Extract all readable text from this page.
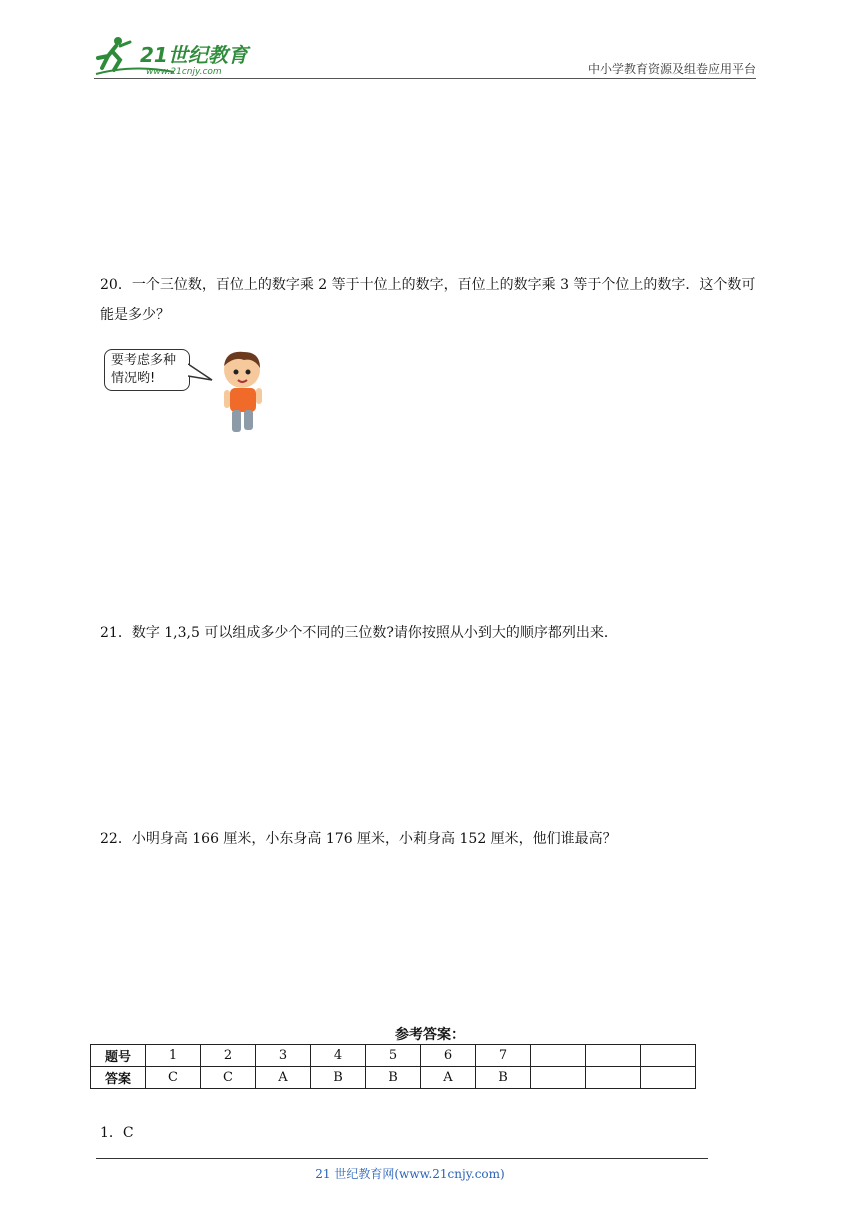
21世纪教育
www.21cnjy.com	中小学教育资源及组卷应用平台
20．一个三位数，百位上的数字乘 2 等于十位上的数字，百位上的数字乘 3 等于个位上的数字．这个数可能是多少？
要考虑多种
情况哟!
21．数字 1,3,5 可以组成多少个不同的三位数?请你按照从小到大的顺序都列出来．
22．小明身高 166 厘米，小东身高 176 厘米，小莉身高 152 厘米，他们谁最高？
参考答案：
题号	1	2	3	4	5	6	7			
答案	C	C	A	B	B	A	B			
1．C
21 世纪教育网(www.21cnjy.com)
